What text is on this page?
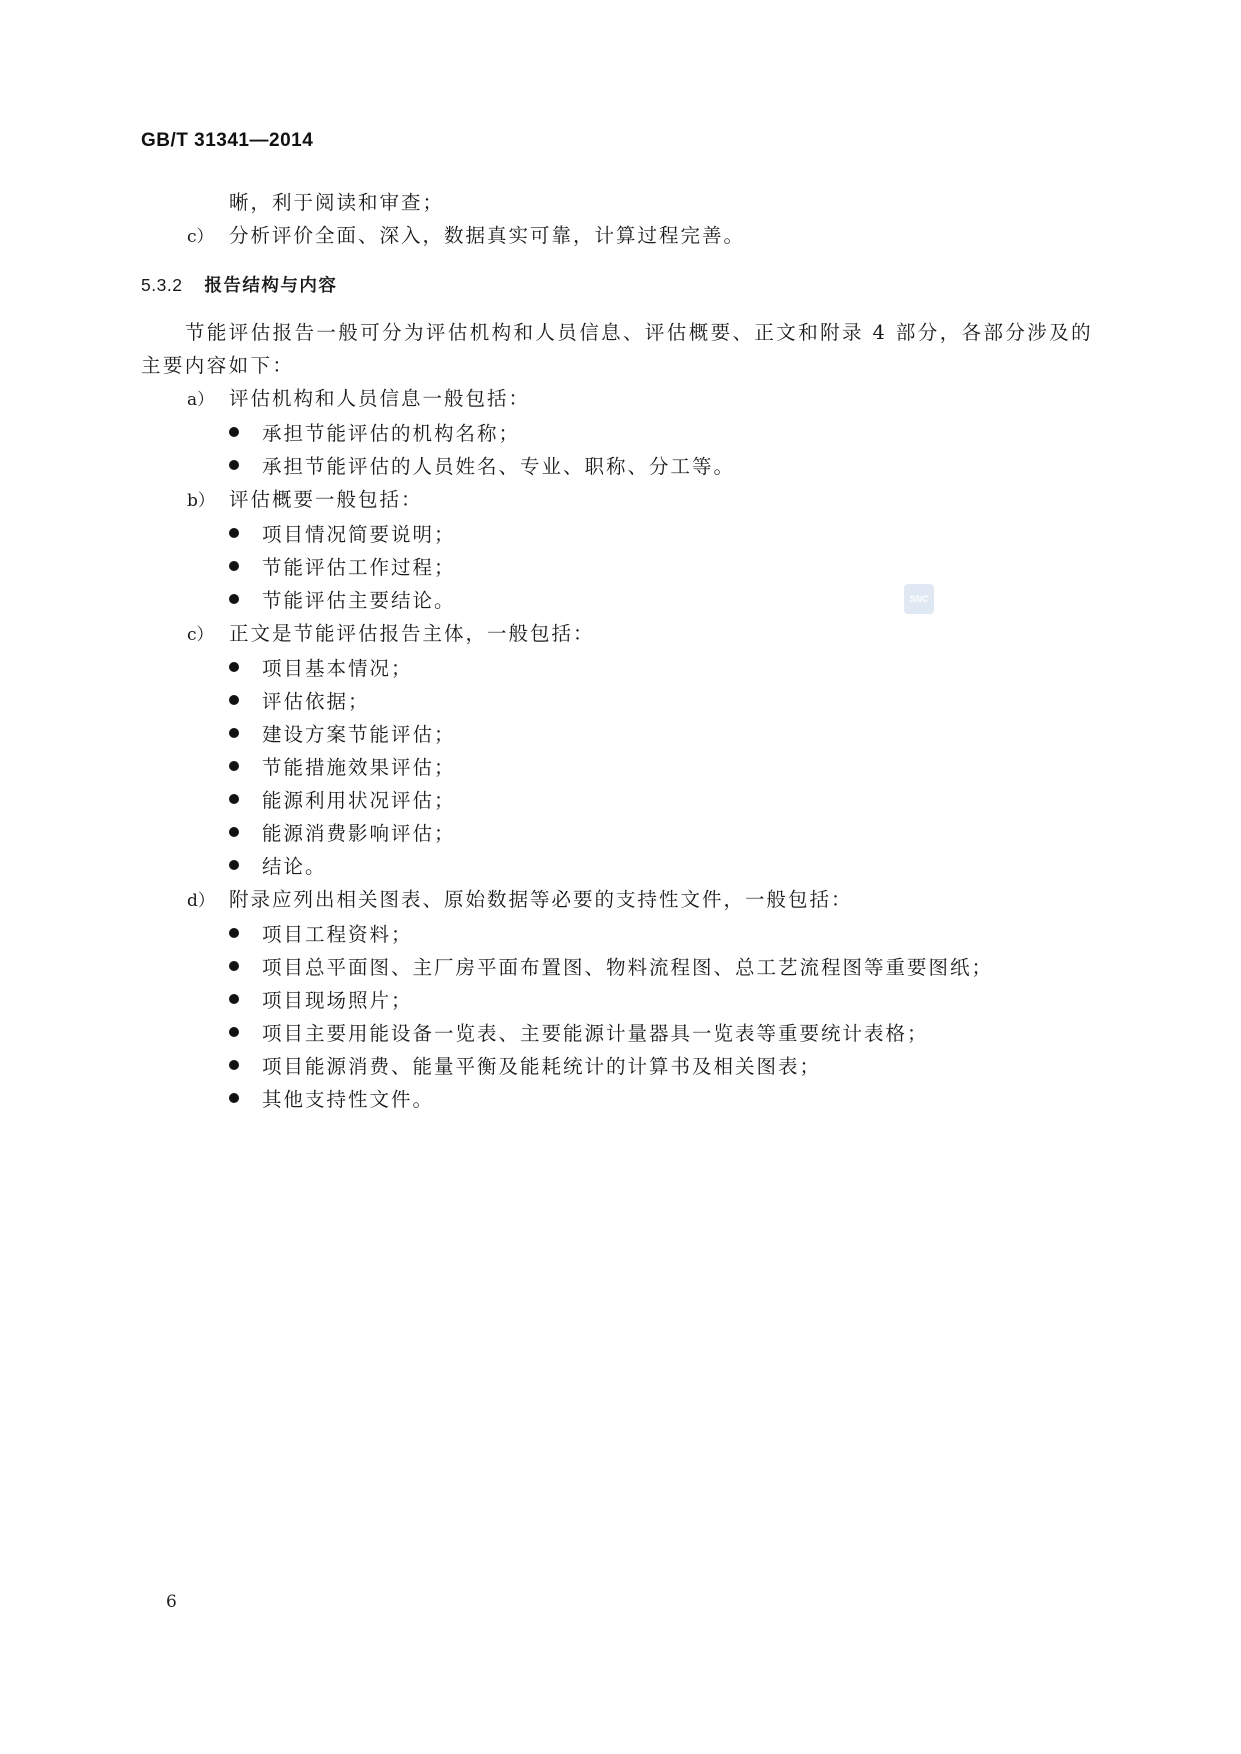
GB/T 31341—2014
晰，利于阅读和审查；
c） 分析评价全面、深入，数据真实可靠，计算过程完善。
5.3.2 报告结构与内容
节能评估报告一般可分为评估机构和人员信息、评估概要、正文和附录 4 部分，各部分涉及的主要内容如下：
a） 评估机构和人员信息一般包括：
承担节能评估的机构名称；
承担节能评估的人员姓名、专业、职称、分工等。
b） 评估概要一般包括：
项目情况简要说明；
节能评估工作过程；
节能评估主要结论。
c） 正文是节能评估报告主体，一般包括：
项目基本情况；
评估依据；
建设方案节能评估；
节能措施效果评估；
能源利用状况评估；
能源消费影响评估；
结论。
d） 附录应列出相关图表、原始数据等必要的支持性文件，一般包括：
项目工程资料；
项目总平面图、主厂房平面布置图、物料流程图、总工艺流程图等重要图纸；
项目现场照片；
项目主要用能设备一览表、主要能源计量器具一览表等重要统计表格；
项目能源消费、能量平衡及能耗统计的计算书及相关图表；
其他支持性文件。
SNC
6
